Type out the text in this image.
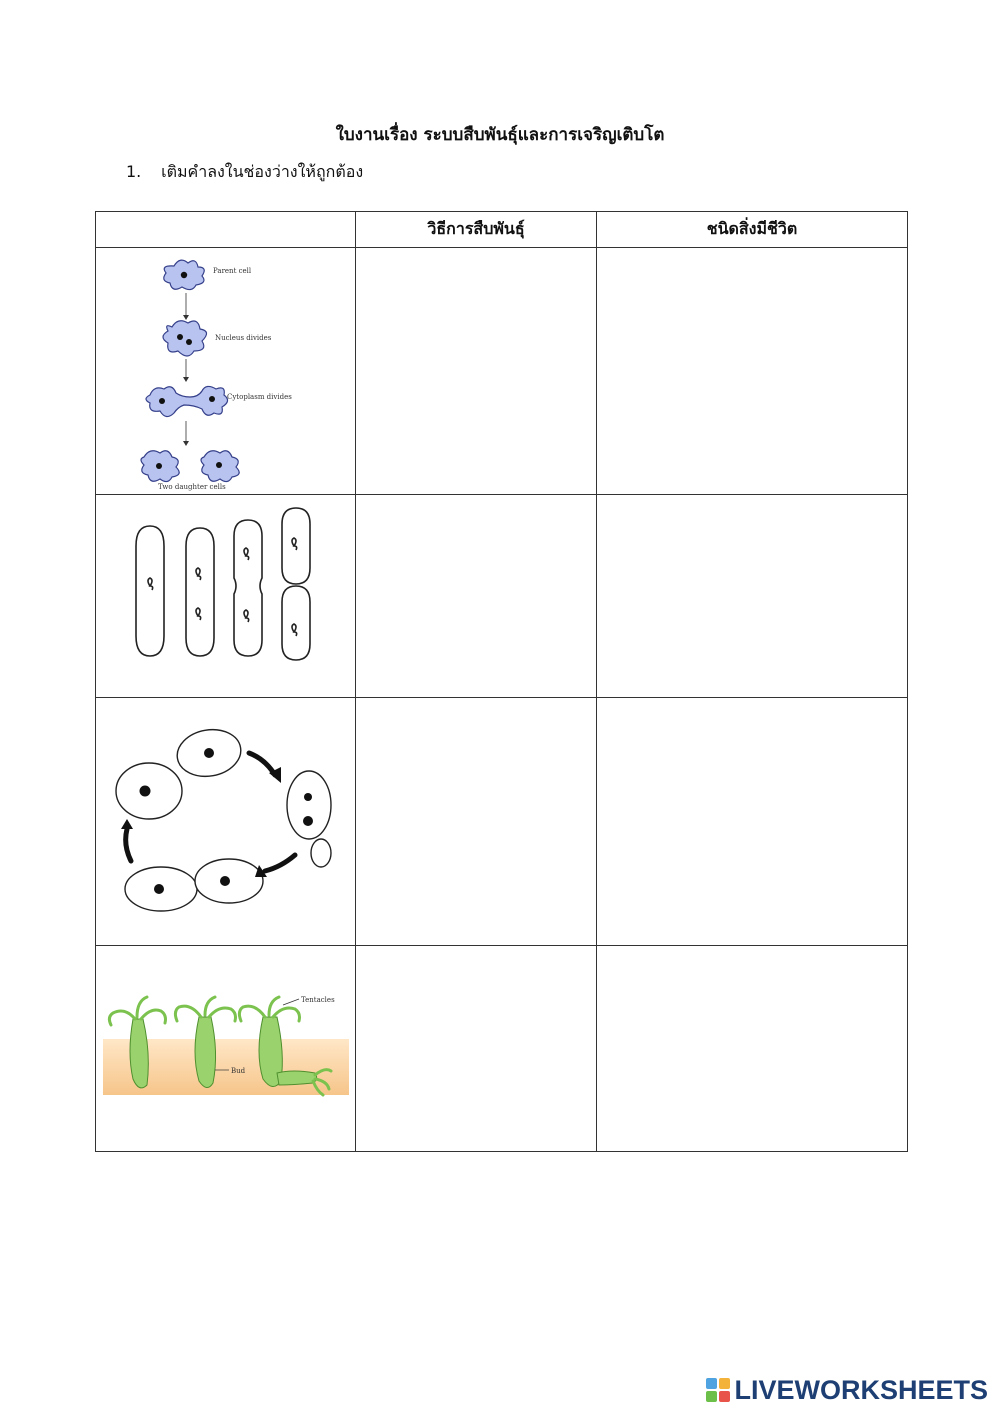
ใบงานเรื่อง ระบบสืบพันธุ์และการเจริญเติบโต
1. เติมคำลงในช่องว่างให้ถูกต้อง
	วิธีการสืบพันธุ์	ชนิดสิ่งมีชีวิต

Parent cell
Nucleus divides
Cytoplasm divides
Two daughter cells		

Tentacles
Bud		

LIVEWORKSHEETS
